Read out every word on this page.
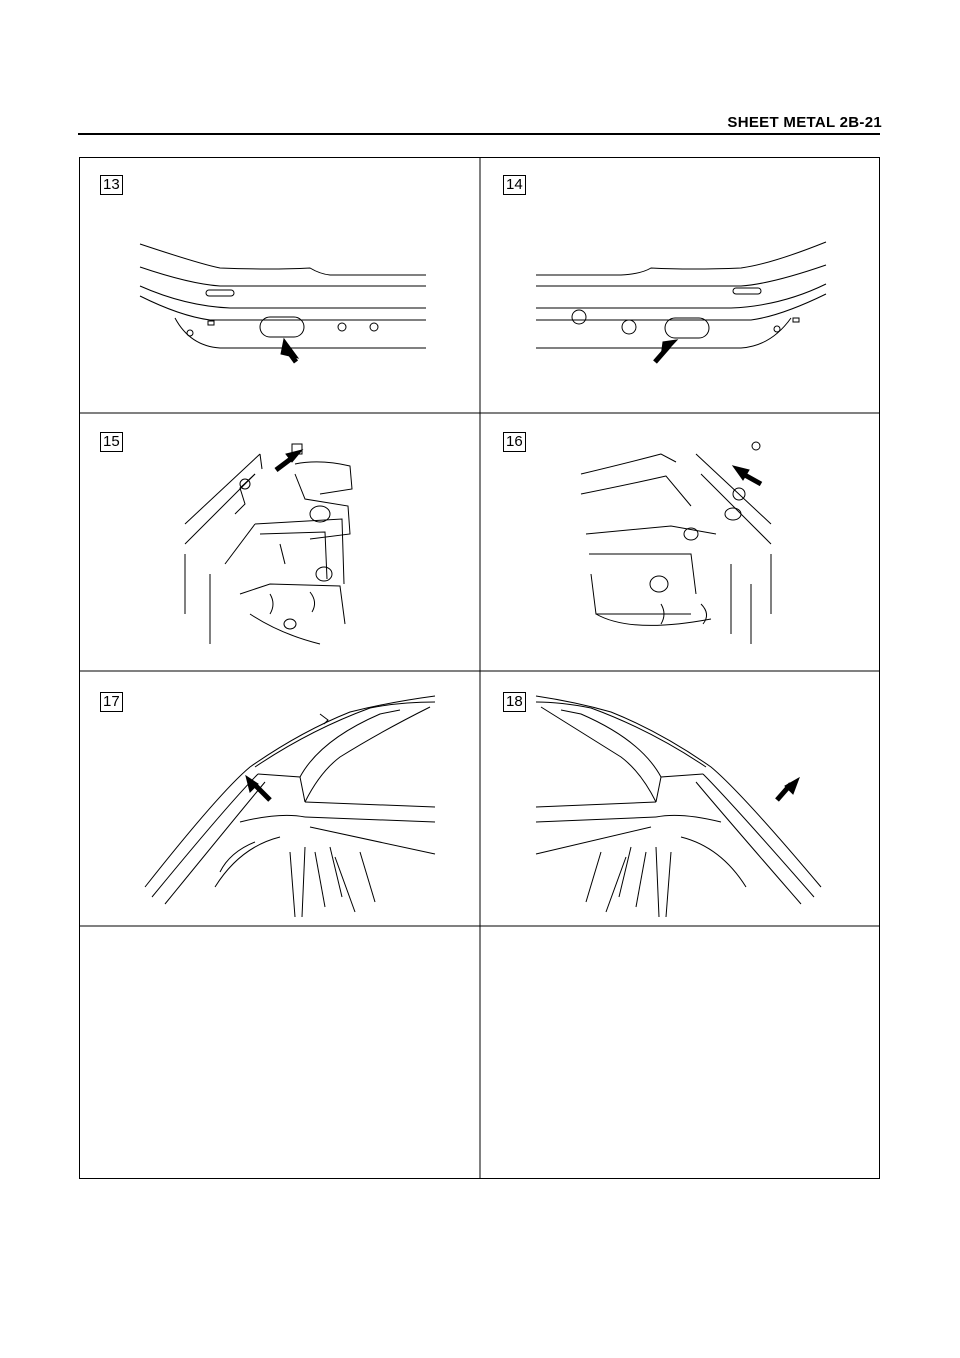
SHEET METAL 2B-21
13	14
15	16
17	18
